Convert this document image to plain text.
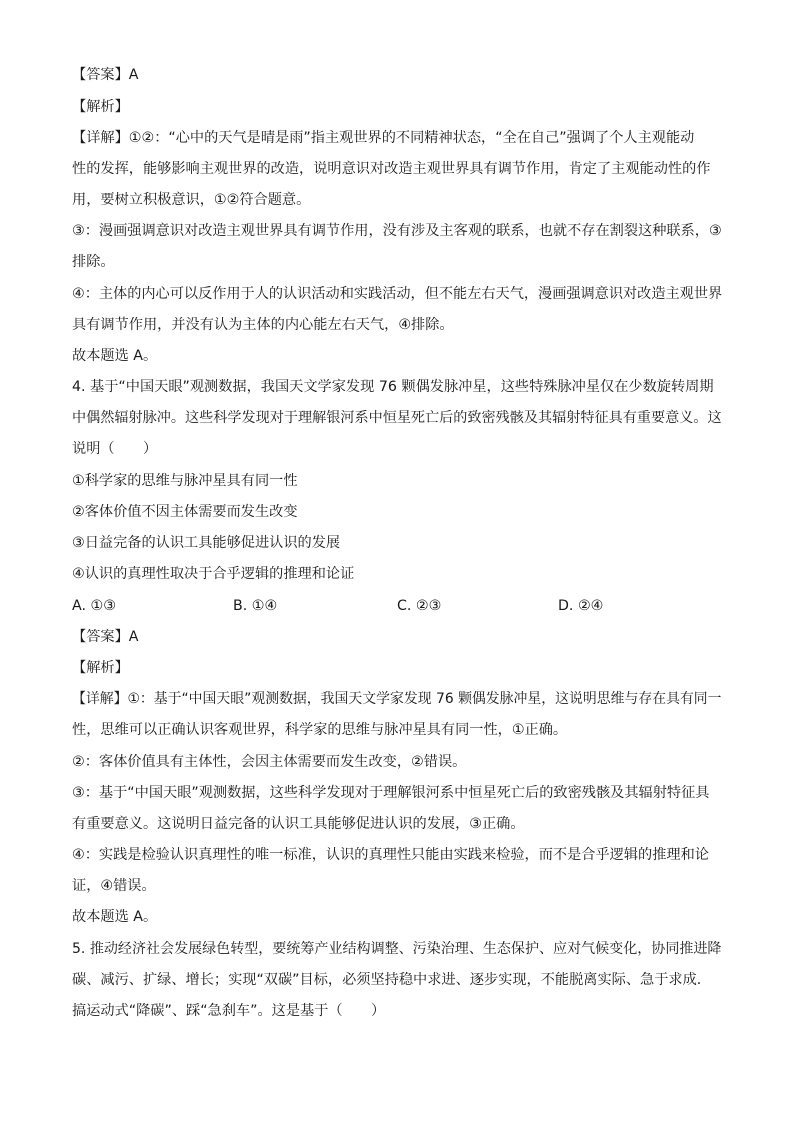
【答案】A
【解析】
【详解】①②：“心中的天气是晴是雨”指主观世界的不同精神状态，“全在自己”强调了个人主观能动
性的发挥，能够影响主观世界的改造，说明意识对改造主观世界具有调节作用，肯定了主观能动性的作
用，要树立积极意识，①②符合题意。
③：漫画强调意识对改造主观世界具有调节作用，没有涉及主客观的联系，也就不存在割裂这种联系，③
排除。
④：主体的内心可以反作用于人的认识活动和实践活动，但不能左右天气，漫画强调意识对改造主观世界
具有调节作用，并没有认为主体的内心能左右天气，④排除。
故本题选 A。
4. 基于“中国天眼”观测数据，我国天文学家发现 76 颗偶发脉冲星，这些特殊脉冲星仅在少数旋转周期
中偶然辐射脉冲。这些科学发现对于理解银河系中恒星死亡后的致密残骸及其辐射特征具有重要意义。这
说明（　　）
①科学家的思维与脉冲星具有同一性
②客体价值不因主体需要而发生改变
③日益完备的认识工具能够促进认识的发展
④认识的真理性取决于合乎逻辑的推理和论证
A. ①③	B. ①④	C. ②③	D. ②④
【答案】A
【解析】
【详解】①：基于“中国天眼”观测数据，我国天文学家发现 76 颗偶发脉冲星，这说明思维与存在具有同一
性，思维可以正确认识客观世界，科学家的思维与脉冲星具有同一性，①正确。
②：客体价值具有主体性，会因主体需要而发生改变，②错误。
③：基于“中国天眼”观测数据，这些科学发现对于理解银河系中恒星死亡后的致密残骸及其辐射特征具
有重要意义。这说明日益完备的认识工具能够促进认识的发展，③正确。
④：实践是检验认识真理性的唯一标准，认识的真理性只能由实践来检验，而不是合乎逻辑的推理和论
证，④错误。
故本题选 A。
5. 推动经济社会发展绿色转型，要统筹产业结构调整、污染治理、生态保护、应对气候变化，协同推进降
碳、减污、扩绿、增长；实现“双碳”目标，必须坚持稳中求进、逐步实现，不能脱离实际、急于求成.
搞运动式“降碳”、踩“急刹车”。这是基于（　　）
